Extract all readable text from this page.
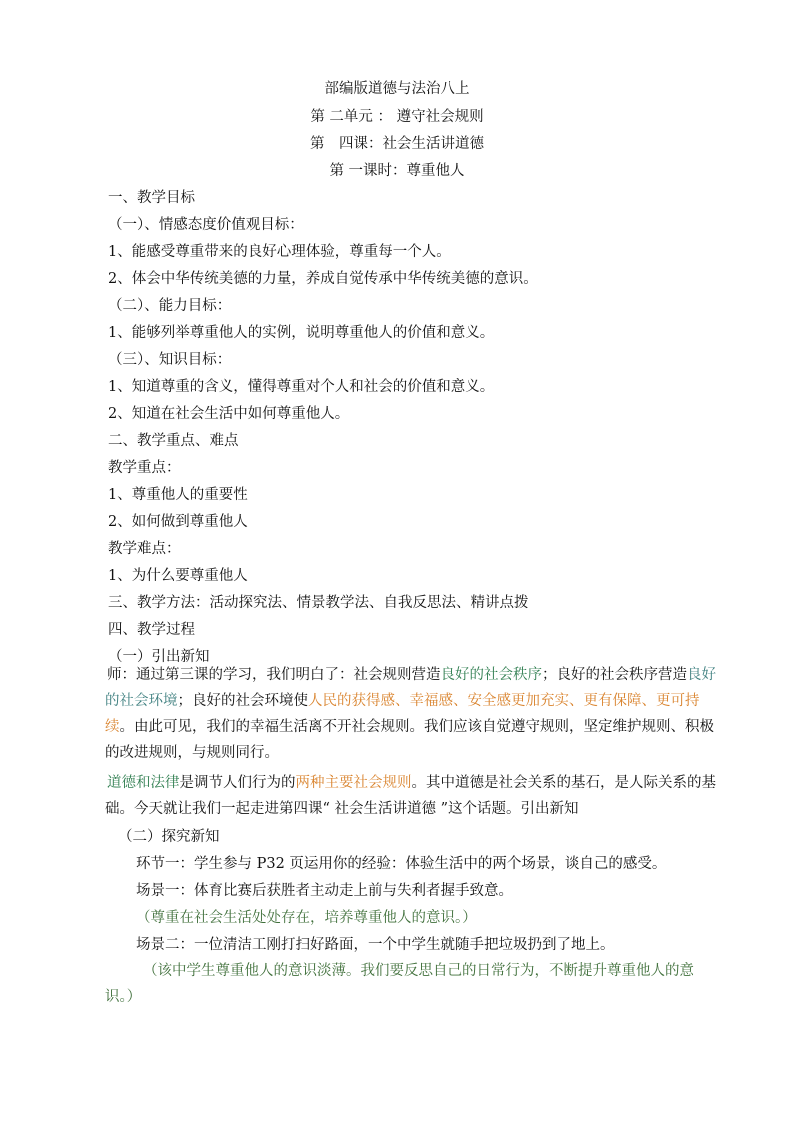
部编版道德与法治八上
第 二单元 ： 遵守社会规则
第　四课：社会生活讲道德
第 一课时：尊重他人
一、教学目标
（一）、情感态度价值观目标：
1、能感受尊重带来的良好心理体验，尊重每一个人。
2、体会中华传统美德的力量，养成自觉传承中华传统美德的意识。
（二）、能力目标：
1、能够列举尊重他人的实例，说明尊重他人的价值和意义。
（三）、知识目标：
1、知道尊重的含义，懂得尊重对个人和社会的价值和意义。
2、知道在社会生活中如何尊重他人。
二、教学重点、难点
教学重点：
1、尊重他人的重要性
2、如何做到尊重他人
教学难点：
1、为什么要尊重他人
三、教学方法：活动探究法、情景教学法、自我反思法、精讲点拨
四、教学过程
（一）引出新知

师：通过第三课的学习，我们明白了：社会规则营造良好的社会秩序；良好的社会秩序营造良好的社会环境；良好的社会环境使人民的获得感、幸福感、安全感更加充实、更有保障、更可持续。由此可见，我们的幸福生活离不开社会规则。我们应该自觉遵守规则，坚定维护规则、积极的改进规则，与规则同行。

道德和法律是调节人们行为的两种主要社会规则。其中道德是社会关系的基石，是人际关系的基础。今天就让我们一起走进第四课“ 社会生活讲道德 ”这个话题。引出新知

（二）探究新知
环节一：学生参与 P32 页运用你的经验：体验生活中的两个场景，谈自己的感受。
场景一：体育比赛后获胜者主动走上前与失利者握手致意。
（尊重在社会生活处处存在，培养尊重他人的意识。）
场景二：一位清洁工刚打扫好路面，一个中学生就随手把垃圾扔到了地上。

（该中学生尊重他人的意识淡薄。我们要反思自己的日常行为，不断提升尊重他人的意识。）
